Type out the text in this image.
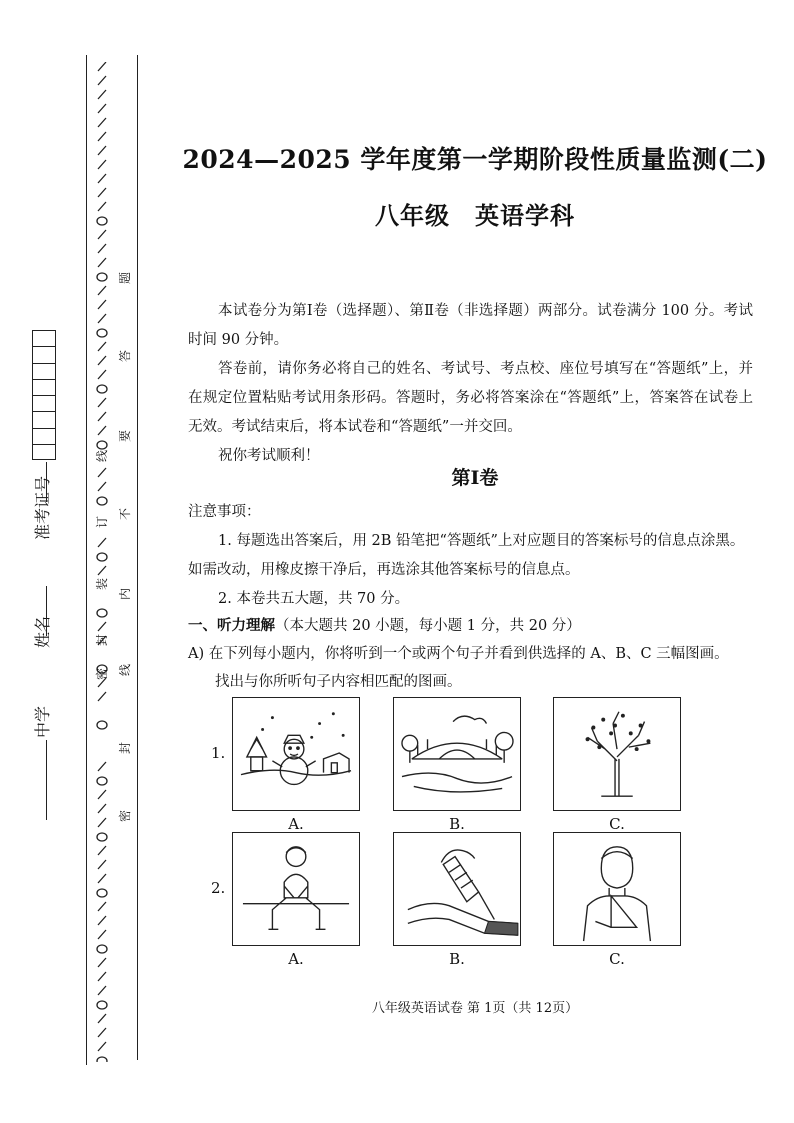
线
订
装
封
密
密
封
线
内
不
要
答
题
准考证号
姓名
中学
2024—2025 学年度第一学期阶段性质量监测(二)
八年级　英语学科
本试卷分为第Ⅰ卷（选择题）、第Ⅱ卷（非选择题）两部分。试卷满分 100 分。考试时间 90 分钟。
答卷前，请你务必将自己的姓名、考试号、考点校、座位号填写在“答题纸”上，并在规定位置粘贴考试用条形码。答题时，务必将答案涂在“答题纸”上，答案答在试卷上无效。考试结束后，将本试卷和“答题纸”一并交回。
祝你考试顺利！
第Ⅰ卷
注意事项：
1. 每题选出答案后，用 2B 铅笔把“答题纸”上对应题目的答案标号的信息点涂黑。如需改动，用橡皮擦干净后，再选涂其他答案标号的信息点。
2. 本卷共五大题，共 70 分。
一、听力理解（本大题共 20 小题，每小题 1 分，共 20 分）
A) 在下列每小题内，你将听到一个或两个句子并看到供选择的 A、B、C 三幅图画。
找出与你所听句子内容相匹配的图画。
1.
A.	B.	C.
2.
A.	B.	C.
八年级英语试卷 第 1页（共 12页）
